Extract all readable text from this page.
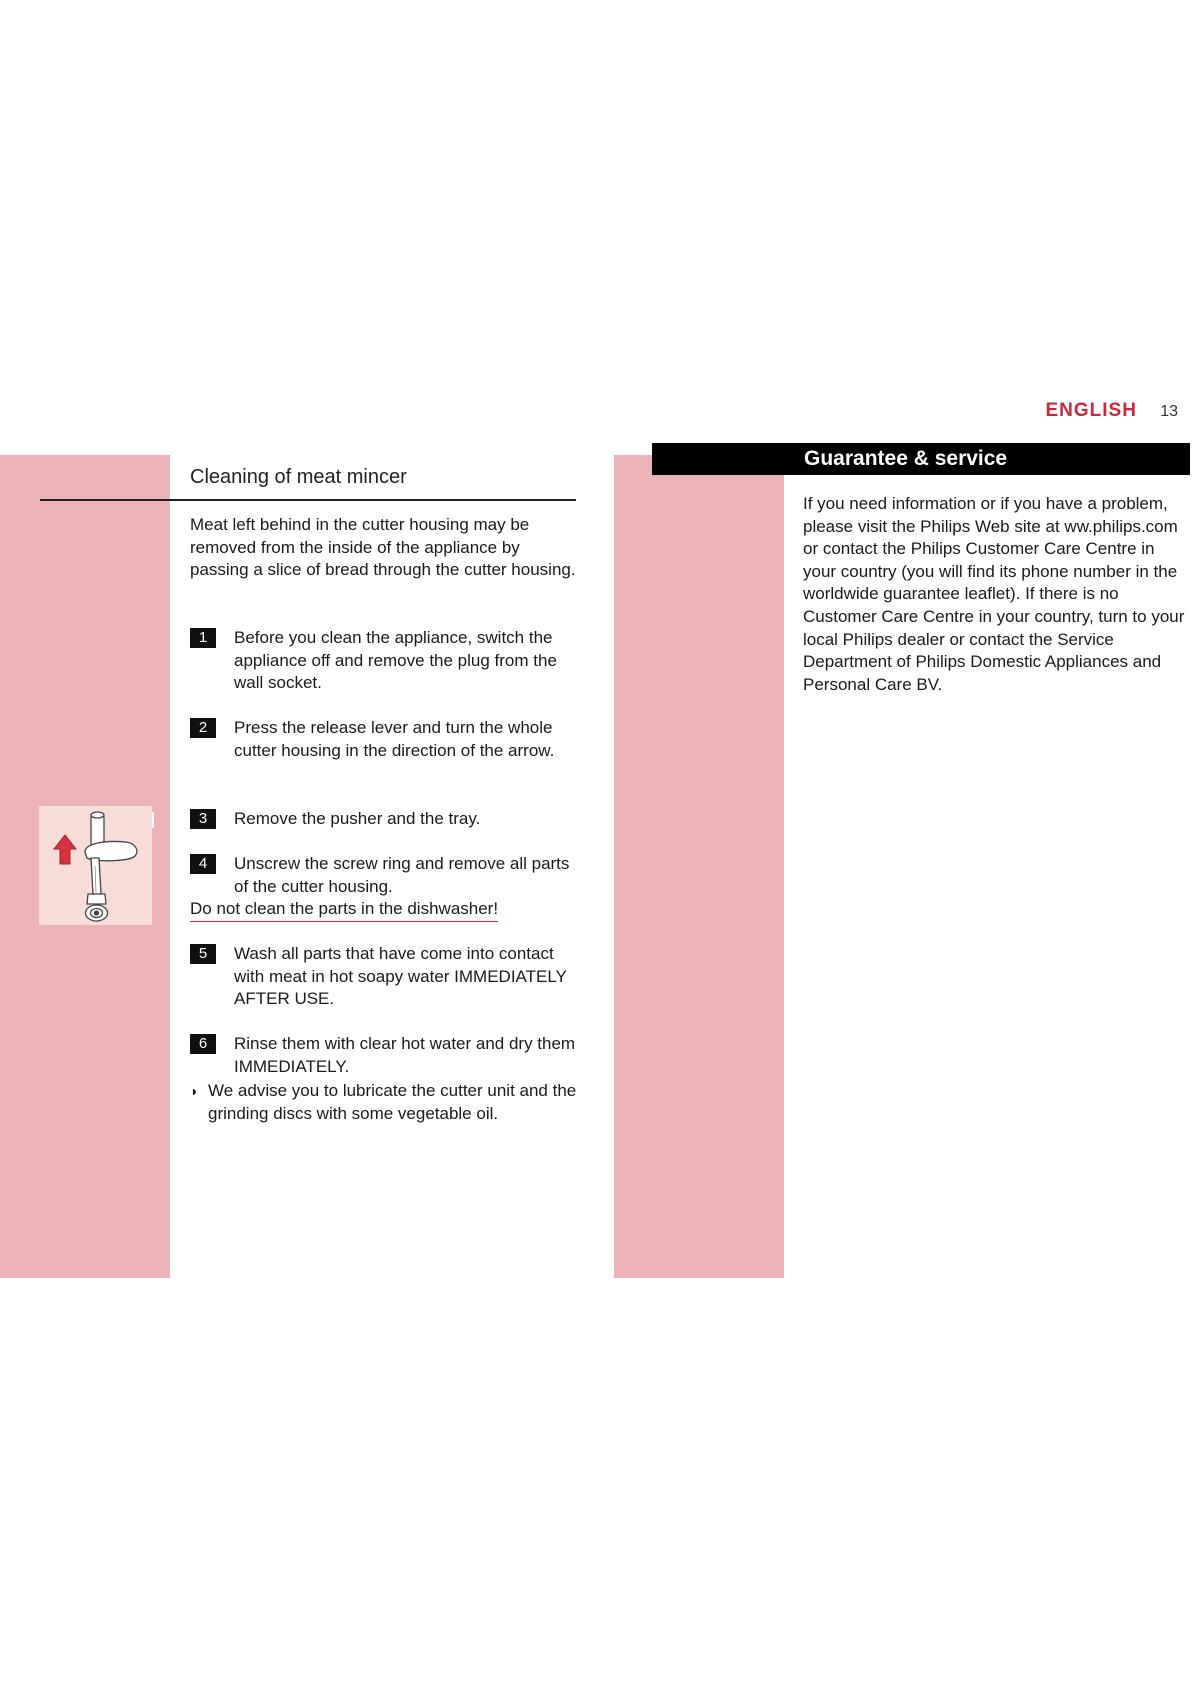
ENGLISH 13
Cleaning of meat mincer
Meat left behind in the cutter housing may be removed from the inside of the appliance by passing a slice of bread through the cutter housing.
1	Before you clean the appliance, switch the appliance off and remove the plug from the wall socket.
2	Press the release lever and turn the whole cutter housing in the direction of the arrow.
3	Remove the pusher and the tray.
4	Unscrew the screw ring and remove all parts of the cutter housing.
Do not clean the parts in the dishwasher!
5	Wash all parts that have come into contact with meat in hot soapy water IMMEDIATELY AFTER USE.
6	Rinse them with clear hot water and dry them IMMEDIATELY.
◗ We advise you to lubricate the cutter unit and the grinding discs with some vegetable oil.
Guarantee & service
If you need information or if you have a problem, please visit the Philips Web site at ww.philips.com or contact the Philips Customer Care Centre in your country (you will find its phone number in the worldwide guarantee leaflet). If there is no Customer Care Centre in your country, turn to your local Philips dealer or contact the Service Department of Philips Domestic Appliances and Personal Care BV.
